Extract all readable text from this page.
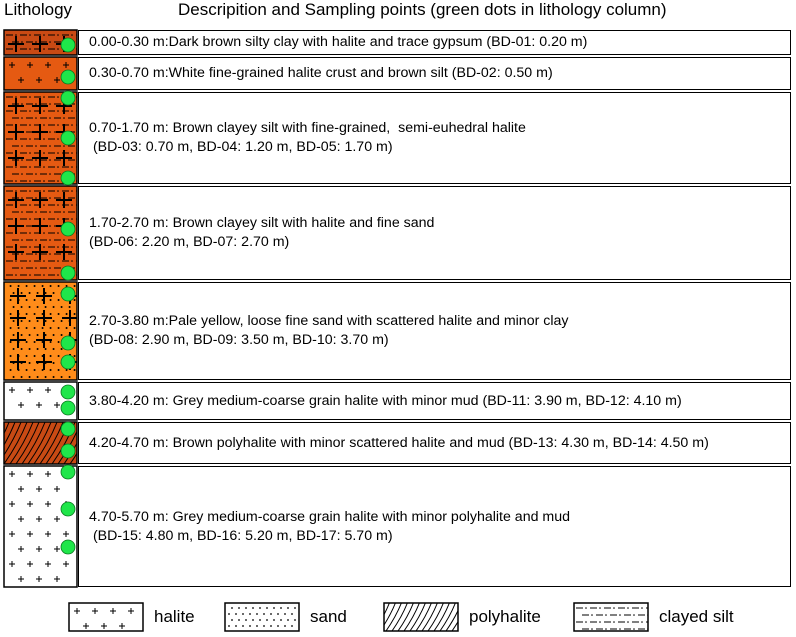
Lithology	Descripition and Sampling points (green dots in lithology column)
0.00-0.30 m:Dark brown silty clay with halite and trace gypsum (BD-01: 0.20 m)
0.30-0.70 m:White fine-grained halite crust and brown silt (BD-02: 0.50 m)
0.70-1.70 m: Brown clayey silt with fine-grained,  semi-euhedral halite
(BD-03: 0.70 m, BD-04: 1.20 m, BD-05: 1.70 m)
1.70-2.70 m: Brown clayey silt with halite and fine sand
(BD-06: 2.20 m, BD-07: 2.70 m)
2.70-3.80 m:Pale yellow, loose fine sand with scattered halite and minor clay
(BD-08: 2.90 m, BD-09: 3.50 m, BD-10: 3.70 m)
3.80-4.20 m: Grey medium-coarse grain halite with minor mud (BD-11: 3.90 m, BD-12: 4.10 m)
4.20-4.70 m: Brown polyhalite with minor scattered halite and mud (BD-13: 4.30 m, BD-14: 4.50 m)
4.70-5.70 m: Grey medium-coarse grain halite with minor polyhalite and mud
(BD-15: 4.80 m, BD-16: 5.20 m, BD-17: 5.70 m)
halite	sand	polyhalite	clayed silt
